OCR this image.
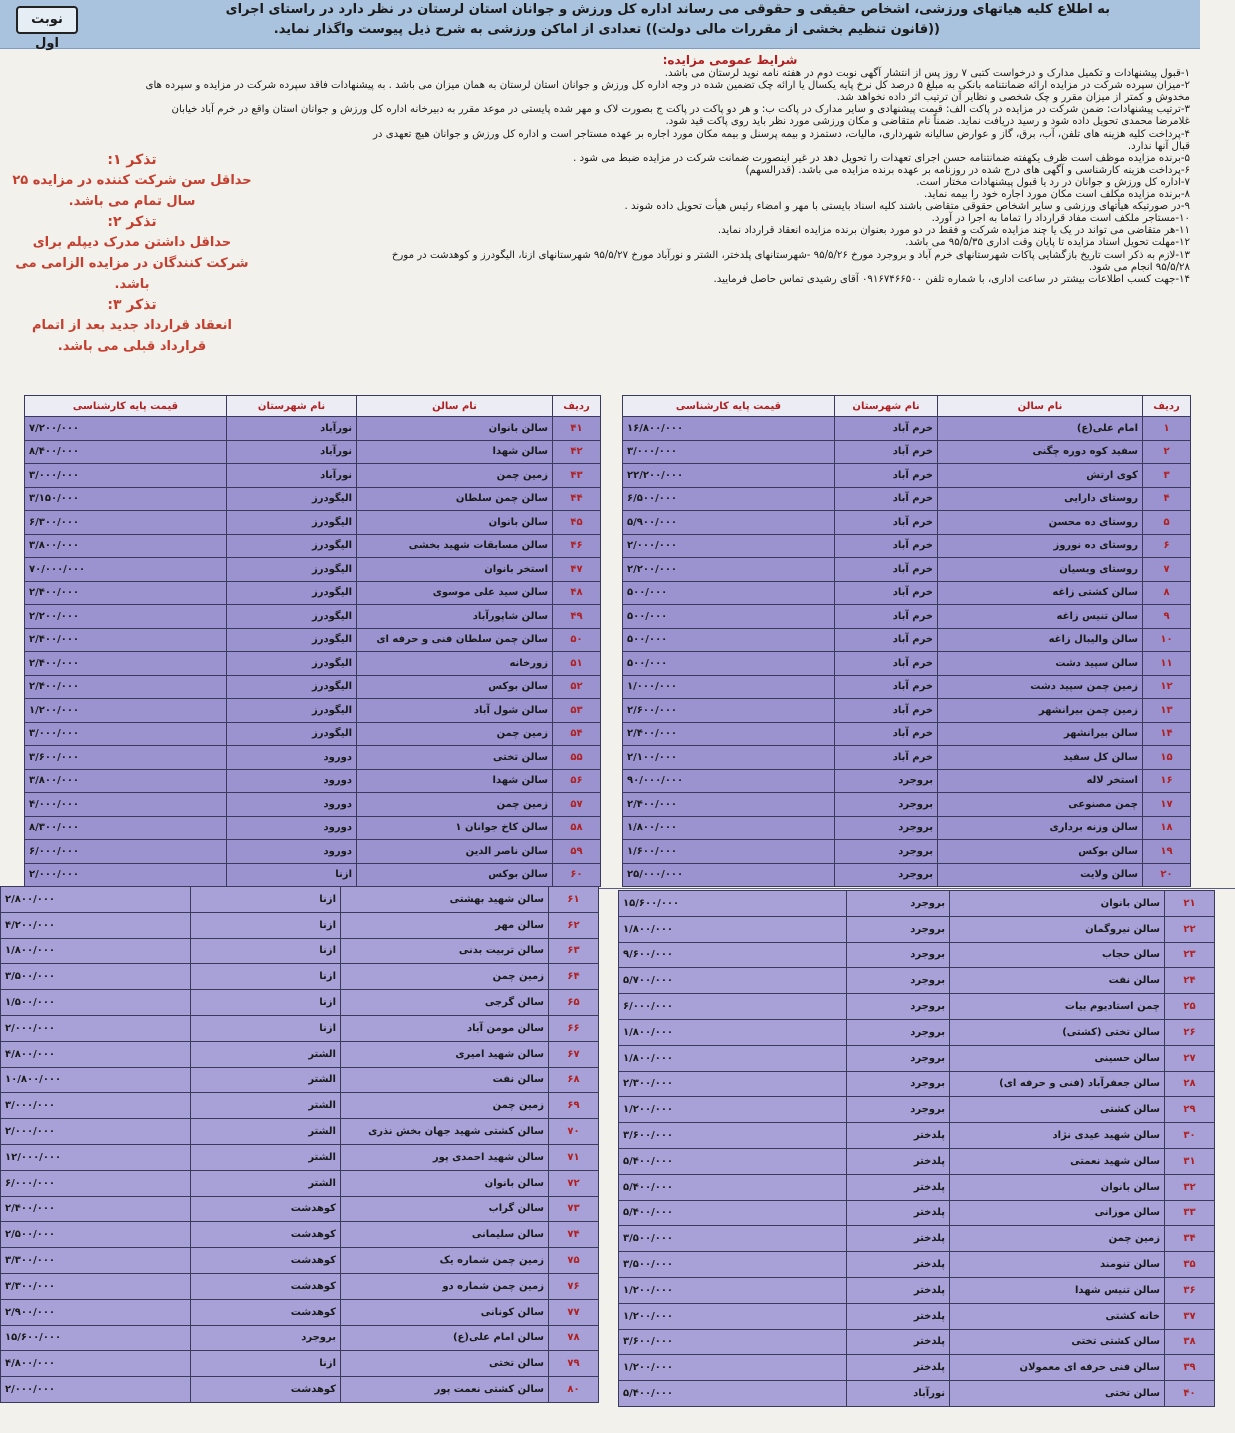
به اطلاع کلیه هیاتهای ورزشی، اشخاص حقیقی و حقوقی می رساند اداره کل ورزش و جوانان استان لرستان در نظر دارد در راستای اجرای
((قانون تنظیم بخشی از مقررات مالی دولت)) تعدادی از اماکن ورزشی به شرح ذیل پیوست واگذار نماید.
نوبت اول
شرایط عمومی مزایده:
۱-قبول پیشنهادات و تکمیل مدارک و درخواست کتبی ۷ روز پس از انتشار آگهی نوبت دوم در هفته نامه نوید لرستان می باشد.
۲-میزان سپرده شرکت در مزایده ارائه ضمانتنامه بانکی به مبلغ ۵ درصد کل نرخ پایه یکسال یا ارائه چک تضمین شده در وجه اداره کل ورزش و جوانان استان لرستان به همان میزان می باشد . به پیشنهادات فاقد سپرده شرکت در مزایده و سپرده های
مخدوش و کمتر از میزان مقرر و چک شخصی و نظایر آن ترتیب اثر داده نخواهد شد.
۳-ترتیب پیشنهادات: ضمن شرکت در مزایده در پاکت الف: قیمت پیشنهادی و سایر مدارک در پاکت ب: و هر دو پاکت در پاکت ج بصورت لاک و مهر شده پایستی در موعد مقرر به دبیرخانه اداره کل ورزش و جوانان استان واقع در خرم آباد خیابان
غلامرضا محمدی تحویل داده شود و رسید دریافت نماید. ضمناً نام متقاضی و مکان ورزشی مورد نظر باید روی پاکت قید شود.
۴-پرداخت کلیه هزینه های تلفن، آب، برق، گاز و عوارض سالیانه شهرداری، مالیات، دستمزد و بیمه پرسنل و بیمه مکان مورد اجاره بر عهده مستاجر است و اداره کل ورزش و جوانان هیچ تعهدی در
قبال آنها ندارد.
۵-برنده مزایده موظف است ظرف یکهفته ضمانتنامه حسن اجرای تعهدات را تحویل دهد در غیر اینصورت ضمانت شرکت در مزایده ضبط می شود .
۶-پرداخت هزینه کارشناسی و آگهی های درج شده در روزنامه بر عهده برنده مزایده می باشد. (قدرالسهم)
۷-اداره کل ورزش و جوانان در رد یا قبول پیشنهادات مختار است.
۸-برنده مزایده مکلف است مکان مورد اجاره خود را بیمه نماید.
۹-در صورتیکه هیأتهای ورزشی و سایر اشخاص حقوقی متقاضی باشند کلیه اسناد بایستی با مهر و امضاء رئیس هیأت تحویل داده شوند .
۱۰-مستاجر ملکف است مفاد قرارداد را تماما به اجرا در آورد.
۱۱-هر متقاضی می تواند در یک یا چند مزایده شرکت و فقط در دو مورد بعنوان برنده مزایده انعقاد قرارداد نماید.
۱۲-مهلت تحویل اسناد مزایده تا پایان وقت اداری ۹۵/۵/۳۵ می باشد.
۱۳-لازم به ذکر است تاریخ بازگشایی پاکات شهرستانهای خرم آباد و بروجرد مورخ ۹۵/۵/۲۶ -شهرستانهای پلدختر، الشتر و نورآباد مورخ ۹۵/۵/۲۷ شهرستانهای ازنا، الیگودرز و کوهدشت در مورخ
۹۵/۵/۲۸ انجام می شود.
۱۴-جهت کسب اطلاعات بیشتر در ساعت اداری، با شماره تلفن ۰۹۱۶۷۴۶۶۵۰۰ آقای رشیدی تماس حاصل فرمایید.
تذکر ۱:
حداقل سن شرکت کننده در مزایده ۲۵ سال تمام می باشد.
تذکر ۲:
حداقل داشتن مدرک دیپلم برای شرکت کنندگان در مزایده الزامی می باشد.
تذکر ۳:
انعقاد قرارداد جدید بعد از اتمام قرارداد قبلی می باشد.
ردیف	نام سالن	نام شهرستان	قیمت پایه کارشناسی
۱	امام علی(ع)	خرم آباد	۱۶/۸۰۰/۰۰۰
۲	سفید کوه دوره چگنی	خرم آباد	۳/۰۰۰/۰۰۰
۳	کوی ارتش	خرم آباد	۲۲/۲۰۰/۰۰۰
۴	روستای دارایی	خرم آباد	۶/۵۰۰/۰۰۰
۵	روستای ده محسن	خرم آباد	۵/۹۰۰/۰۰۰
۶	روستای ده نوروز	خرم آباد	۲/۰۰۰/۰۰۰
۷	روستای ویسیان	خرم آباد	۲/۲۰۰/۰۰۰
۸	سالن کشتی زاغه	خرم آباد	۵۰۰/۰۰۰
۹	سالن تنیس زاغه	خرم آباد	۵۰۰/۰۰۰
۱۰	سالن والیبال زاغه	خرم آباد	۵۰۰/۰۰۰
۱۱	سالن سپید دشت	خرم آباد	۵۰۰/۰۰۰
۱۲	زمین چمن سپید دشت	خرم آباد	۱/۰۰۰/۰۰۰
۱۳	زمین چمن بیرانشهر	خرم آباد	۲/۶۰۰/۰۰۰
۱۴	سالن بیرانشهر	خرم آباد	۲/۴۰۰/۰۰۰
۱۵	سالن کل سفید	خرم آباد	۲/۱۰۰/۰۰۰
۱۶	استخر لاله	بروجرد	۹۰/۰۰۰/۰۰۰
۱۷	چمن مصنوعی	بروجرد	۲/۴۰۰/۰۰۰
۱۸	سالن وزنه برداری	بروجرد	۱/۸۰۰/۰۰۰
۱۹	سالن بوکس	بروجرد	۱/۶۰۰/۰۰۰
۲۰	سالن ولایت	بروجرد	۲۵/۰۰۰/۰۰۰
ردیف	نام سالن	نام شهرستان	قیمت پایه کارشناسی
۴۱	سالن بانوان	نورآباد	۷/۲۰۰/۰۰۰
۴۲	سالن شهدا	نورآباد	۸/۴۰۰/۰۰۰
۴۳	زمین چمن	نورآباد	۳/۰۰۰/۰۰۰
۴۴	سالن چمن سلطان	الیگودرز	۳/۱۵۰/۰۰۰
۴۵	سالن بانوان	الیگودرز	۶/۳۰۰/۰۰۰
۴۶	سالن مسابقات شهید بخشی	الیگودرز	۳/۸۰۰/۰۰۰
۴۷	استخر بانوان	الیگودرز	۷۰/۰۰۰/۰۰۰
۴۸	سالن سید علی موسوی	الیگودرز	۲/۴۰۰/۰۰۰
۴۹	سالن شاپورآباد	الیگودرز	۲/۲۰۰/۰۰۰
۵۰	سالن چمن سلطان فنی و حرفه ای	الیگودرز	۲/۴۰۰/۰۰۰
۵۱	زورخانه	الیگودرز	۲/۴۰۰/۰۰۰
۵۲	سالن بوکس	الیگودرز	۲/۴۰۰/۰۰۰
۵۳	سالن شول آباد	الیگودرز	۱/۲۰۰/۰۰۰
۵۴	زمین چمن	الیگودرز	۳/۰۰۰/۰۰۰
۵۵	سالن تختی	دورود	۳/۶۰۰/۰۰۰
۵۶	سالن شهدا	دورود	۳/۸۰۰/۰۰۰
۵۷	زمین چمن	دورود	۴/۰۰۰/۰۰۰
۵۸	سالن کاخ جوانان ۱	دورود	۸/۳۰۰/۰۰۰
۵۹	سالن ناصر الدین	دورود	۶/۰۰۰/۰۰۰
۶۰	سالن بوکس	ازنا	۲/۰۰۰/۰۰۰
۲۱	سالن بانوان	بروجرد	۱۵/۶۰۰/۰۰۰
۲۲	سالن نیروگمان	بروجرد	۱/۸۰۰/۰۰۰
۲۳	سالن حجاب	بروجرد	۹/۶۰۰/۰۰۰
۲۴	سالن نفت	بروجرد	۵/۷۰۰/۰۰۰
۲۵	چمن استادیوم بیات	بروجرد	۶/۰۰۰/۰۰۰
۲۶	سالن تختی (کشتی)	بروجرد	۱/۸۰۰/۰۰۰
۲۷	سالن حسینی	بروجرد	۱/۸۰۰/۰۰۰
۲۸	سالن جعفرآباد (فنی و حرفه ای)	بروجرد	۲/۳۰۰/۰۰۰
۲۹	سالن کشتی	بروجرد	۱/۲۰۰/۰۰۰
۳۰	سالن شهید عیدی نژاد	پلدختر	۳/۶۰۰/۰۰۰
۳۱	سالن شهید نعمتی	پلدختر	۵/۴۰۰/۰۰۰
۳۲	سالن بانوان	پلدختر	۵/۴۰۰/۰۰۰
۳۳	سالن موزانی	پلدختر	۵/۴۰۰/۰۰۰
۳۴	زمین چمن	پلدختر	۳/۵۰۰/۰۰۰
۳۵	سالن تنومند	پلدختر	۳/۵۰۰/۰۰۰
۳۶	سالن تنیس شهدا	پلدختر	۱/۲۰۰/۰۰۰
۳۷	خانه کشتی	پلدختر	۱/۲۰۰/۰۰۰
۳۸	سالن کشتی تختی	پلدختر	۳/۶۰۰/۰۰۰
۳۹	سالن فنی حرفه ای معمولان	پلدختر	۱/۲۰۰/۰۰۰
۴۰	سالن تختی	نورآباد	۵/۴۰۰/۰۰۰
۶۱	سالن شهید بهشتی	ازنا	۲/۸۰۰/۰۰۰
۶۲	سالن مهر	ازنا	۴/۲۰۰/۰۰۰
۶۳	سالن تربیت بدنی	ازنا	۱/۸۰۰/۰۰۰
۶۴	زمین چمن	ازنا	۳/۵۰۰/۰۰۰
۶۵	سالن گرجی	ازنا	۱/۵۰۰/۰۰۰
۶۶	سالن مومن آباد	ازنا	۲/۰۰۰/۰۰۰
۶۷	سالن شهید امیری	الشتر	۴/۸۰۰/۰۰۰
۶۸	سالن نفت	الشتر	۱۰/۸۰۰/۰۰۰
۶۹	زمین چمن	الشتر	۳/۰۰۰/۰۰۰
۷۰	سالن کشتی شهید جهان بخش نذری	الشتر	۲/۰۰۰/۰۰۰
۷۱	سالن شهید احمدی پور	الشتر	۱۲/۰۰۰/۰۰۰
۷۲	سالن بانوان	الشتر	۶/۰۰۰/۰۰۰
۷۳	سالن گراب	کوهدشت	۲/۴۰۰/۰۰۰
۷۴	سالن سلیمانی	کوهدشت	۲/۵۰۰/۰۰۰
۷۵	زمین چمن شماره یک	کوهدشت	۳/۳۰۰/۰۰۰
۷۶	زمین چمن شماره دو	کوهدشت	۳/۳۰۰/۰۰۰
۷۷	سالن کونانی	کوهدشت	۲/۹۰۰/۰۰۰
۷۸	سالن امام علی(ع)	بروجرد	۱۵/۶۰۰/۰۰۰
۷۹	سالن تختی	ازنا	۴/۸۰۰/۰۰۰
۸۰	سالن کشتی نعمت پور	کوهدشت	۲/۰۰۰/۰۰۰
